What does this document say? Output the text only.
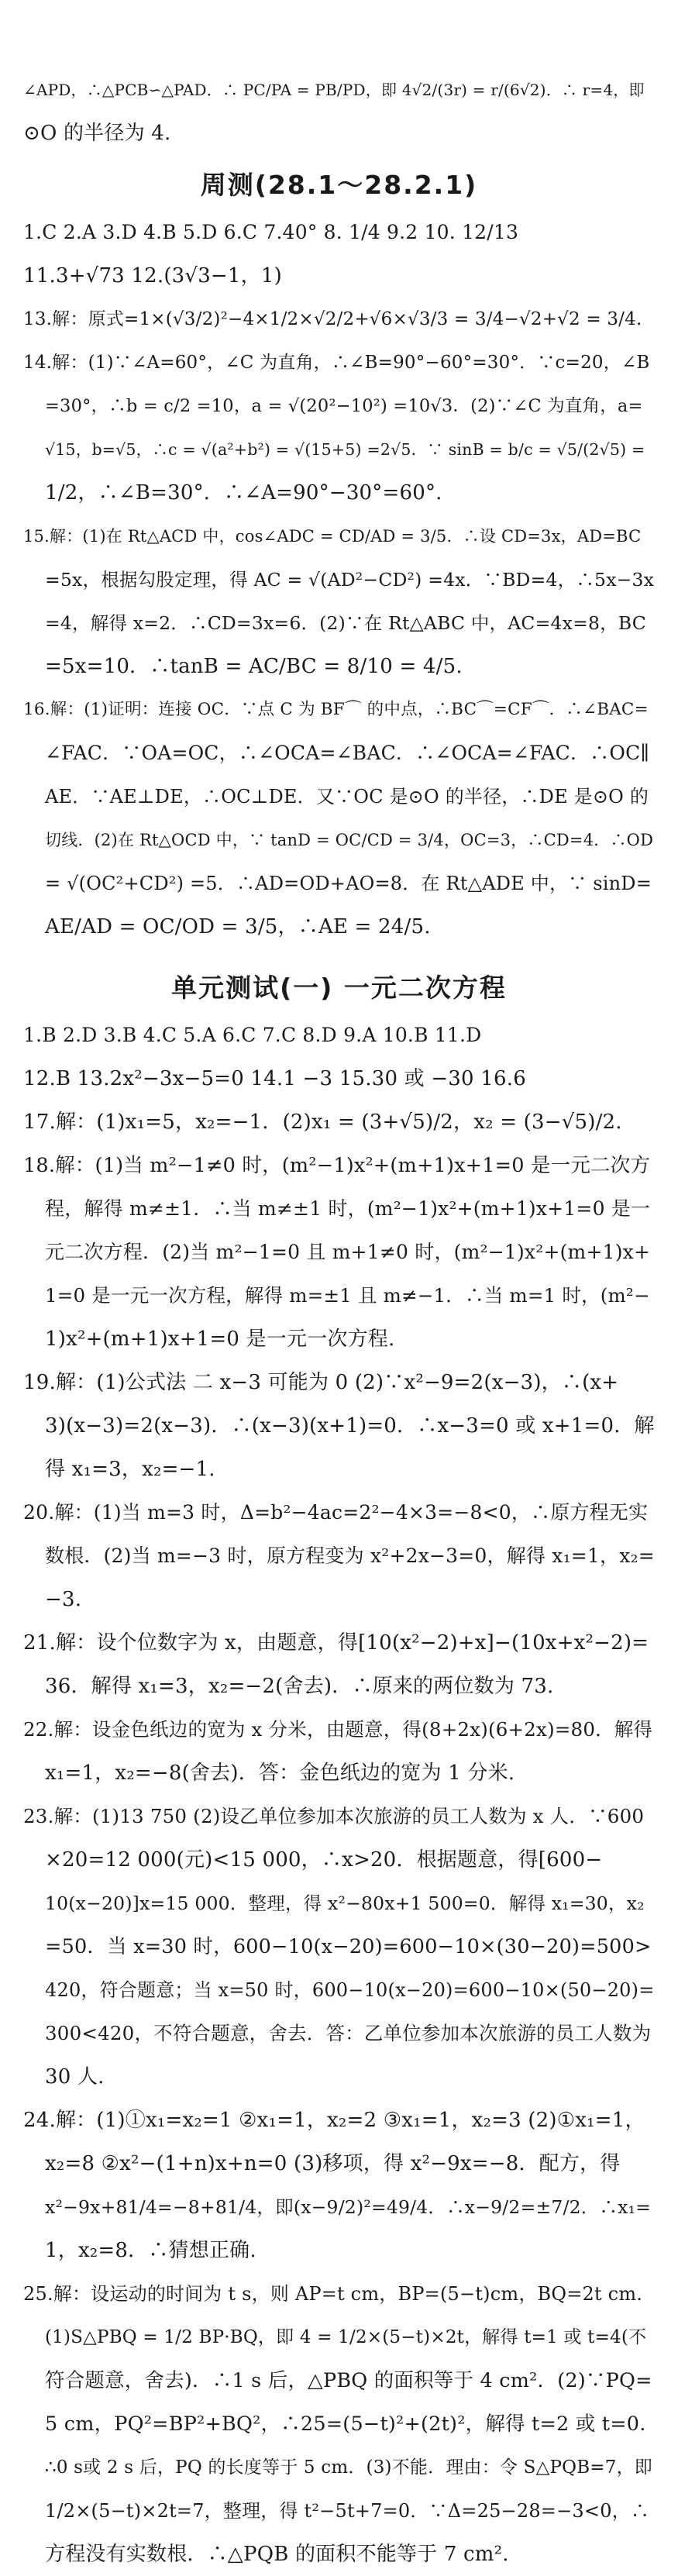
∠APD，∴△PCB∽△PAD．∴ PC/PA = PB/PD，即 4√2/(3r) = r/(6√2)．∴ r=4，即
⊙O 的半径为 4.
周测(28.1～28.2.1)
1.C 2.A 3.D 4.B 5.D 6.C 7.40° 8. 1/4 9.2 10. 12/13
11.3+√73 12.(3√3−1，1)
13.解：原式=1×(√3/2)²−4×1/2×√2/2+√6×√3/3 = 3/4−√2+√2 = 3/4.
14.解：(1)∵∠A=60°，∠C 为直角，∴∠B=90°−60°=30°．∵c=20，∠B
=30°，∴b = c/2 =10，a = √(20²−10²) =10√3．(2)∵∠C 为直角，a=
√15，b=√5，∴c = √(a²+b²) = √(15+5) =2√5．∵ sinB = b/c = √5/(2√5) =
1/2，∴∠B=30°．∴∠A=90°−30°=60°.
15.解：(1)在 Rt△ACD 中，cos∠ADC = CD/AD = 3/5．∴设 CD=3x，AD=BC
=5x，根据勾股定理，得 AC = √(AD²−CD²) =4x．∵BD=4，∴5x−3x
=4，解得 x=2．∴CD=3x=6．(2)∵在 Rt△ABC 中，AC=4x=8，BC
=5x=10．∴tanB = AC/BC = 8/10 = 4/5.
16.解：(1)证明：连接 OC．∵点 C 为 BF⌒ 的中点，∴BC⌒=CF⌒．∴∠BAC=
∠FAC．∵OA=OC，∴∠OCA=∠BAC．∴∠OCA=∠FAC．∴OC∥
AE．∵AE⊥DE，∴OC⊥DE．又∵OC 是⊙O 的半径，∴DE 是⊙O 的
切线．(2)在 Rt△OCD 中，∵ tanD = OC/CD = 3/4，OC=3，∴CD=4．∴OD
= √(OC²+CD²) =5．∴AD=OD+AO=8．在 Rt△ADE 中，∵ sinD=
AE/AD = OC/OD = 3/5，∴AE = 24/5.
单元测试(一) 一元二次方程
1.B 2.D 3.B 4.C 5.A 6.C 7.C 8.D 9.A 10.B 11.D
12.B 13.2x²−3x−5=0 14.1 −3 15.30 或 −30 16.6
17.解：(1)x₁=5，x₂=−1．(2)x₁ = (3+√5)/2，x₂ = (3−√5)/2.
18.解：(1)当 m²−1≠0 时，(m²−1)x²+(m+1)x+1=0 是一元二次方
程，解得 m≠±1．∴当 m≠±1 时，(m²−1)x²+(m+1)x+1=0 是一
元二次方程．(2)当 m²−1=0 且 m+1≠0 时，(m²−1)x²+(m+1)x+
1=0 是一元一次方程，解得 m=±1 且 m≠−1．∴当 m=1 时，(m²−
1)x²+(m+1)x+1=0 是一元一次方程.
19.解：(1)公式法 二 x−3 可能为 0 (2)∵x²−9=2(x−3)，∴(x+
3)(x−3)=2(x−3)．∴(x−3)(x+1)=0．∴x−3=0 或 x+1=0．解
得 x₁=3，x₂=−1.
20.解：(1)当 m=3 时，Δ=b²−4ac=2²−4×3=−8<0，∴原方程无实
数根．(2)当 m=−3 时，原方程变为 x²+2x−3=0，解得 x₁=1，x₂=
−3.
21.解：设个位数字为 x，由题意，得[10(x²−2)+x]−(10x+x²−2)=
36．解得 x₁=3，x₂=−2(舍去)．∴原来的两位数为 73.
22.解：设金色纸边的宽为 x 分米，由题意，得(8+2x)(6+2x)=80．解得
x₁=1，x₂=−8(舍去)．答：金色纸边的宽为 1 分米.
23.解：(1)13 750 (2)设乙单位参加本次旅游的员工人数为 x 人．∵600
×20=12 000(元)<15 000，∴x>20．根据题意，得[600−
10(x−20)]x=15 000．整理，得 x²−80x+1 500=0．解得 x₁=30，x₂
=50．当 x=30 时，600−10(x−20)=600−10×(30−20)=500>
420，符合题意；当 x=50 时，600−10(x−20)=600−10×(50−20)=
300<420，不符合题意，舍去．答：乙单位参加本次旅游的员工人数为
30 人.
24.解：(1)①x₁=x₂=1 ②x₁=1，x₂=2 ③x₁=1，x₂=3 (2)①x₁=1，
x₂=8 ②x²−(1+n)x+n=0 (3)移项，得 x²−9x=−8．配方，得
x²−9x+81/4=−8+81/4，即(x−9/2)²=49/4．∴x−9/2=±7/2．∴x₁=
1，x₂=8．∴猜想正确.
25.解：设运动的时间为 t s，则 AP=t cm，BP=(5−t)cm，BQ=2t cm.
(1)S△PBQ = 1/2 BP·BQ，即 4 = 1/2×(5−t)×2t，解得 t=1 或 t=4(不
符合题意，舍去)．∴1 s 后，△PBQ 的面积等于 4 cm²．(2)∵PQ=
5 cm，PQ²=BP²+BQ²，∴25=(5−t)²+(2t)²，解得 t=2 或 t=0.
∴0 s或 2 s 后，PQ 的长度等于 5 cm．(3)不能．理由：令 S△PQB=7，即
1/2×(5−t)×2t=7，整理，得 t²−5t+7=0．∵Δ=25−28=−3<0，∴
方程没有实数根．∴△PQB 的面积不能等于 7 cm².
